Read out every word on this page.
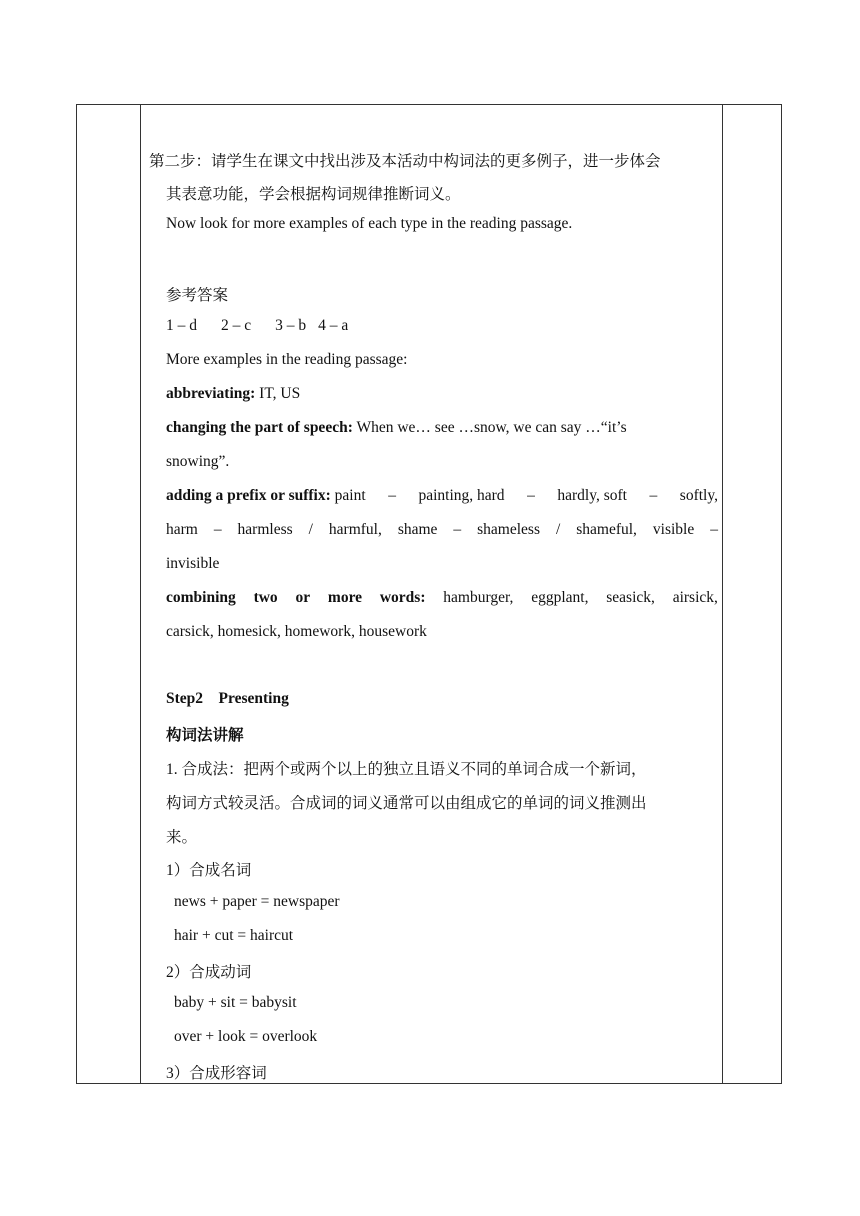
第二步：请学生在课文中找出涉及本活动中构词法的更多例子，进一步体会
其表意功能，学会根据构词规律推断词义。
Now look for more examples of each type in the reading passage.
参考答案
1 – d 2 – c 3 – b 4 – a
More examples in the reading passage:
abbreviating: IT, US
changing the part of speech: When we… see …snow, we can say …“it’s
snowing”.
adding a prefix or suffix: paint – painting, hard – hardly, soft – softly,
harm – harmless / harmful, shame – shameless / shameful, visible –
invisible
combining two or more words: hamburger, eggplant, seasick, airsick,
carsick, homesick, homework, housework
Step2    Presenting
构词法讲解
1. 合成法：把两个或两个以上的独立且语义不同的单词合成一个新词，
构词方式较灵活。合成词的词义通常可以由组成它的单词的词义推测出
来。
1）合成名词
news + paper = newspaper
hair + cut = haircut
2）合成动词
baby + sit = babysit
over + look = overlook
3）合成形容词
